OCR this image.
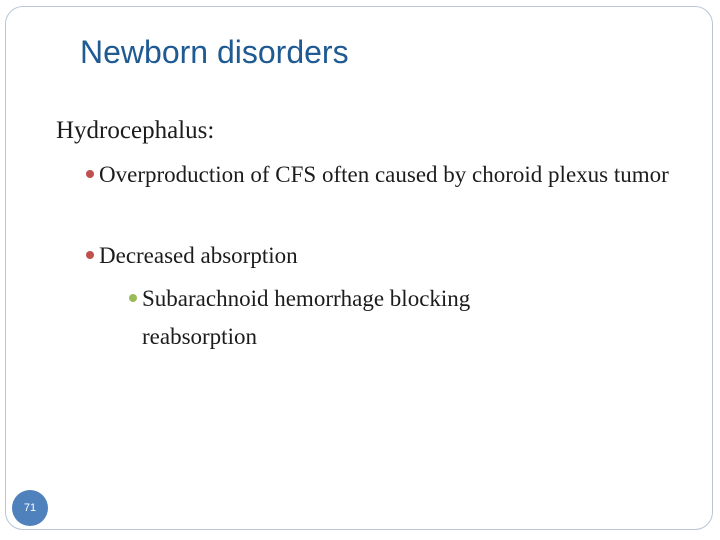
Newborn disorders
Hydrocephalus:
Overproduction of CFS often caused by choroid plexus tumor
Decreased absorption
Subarachnoid hemorrhage blocking reabsorption
71
